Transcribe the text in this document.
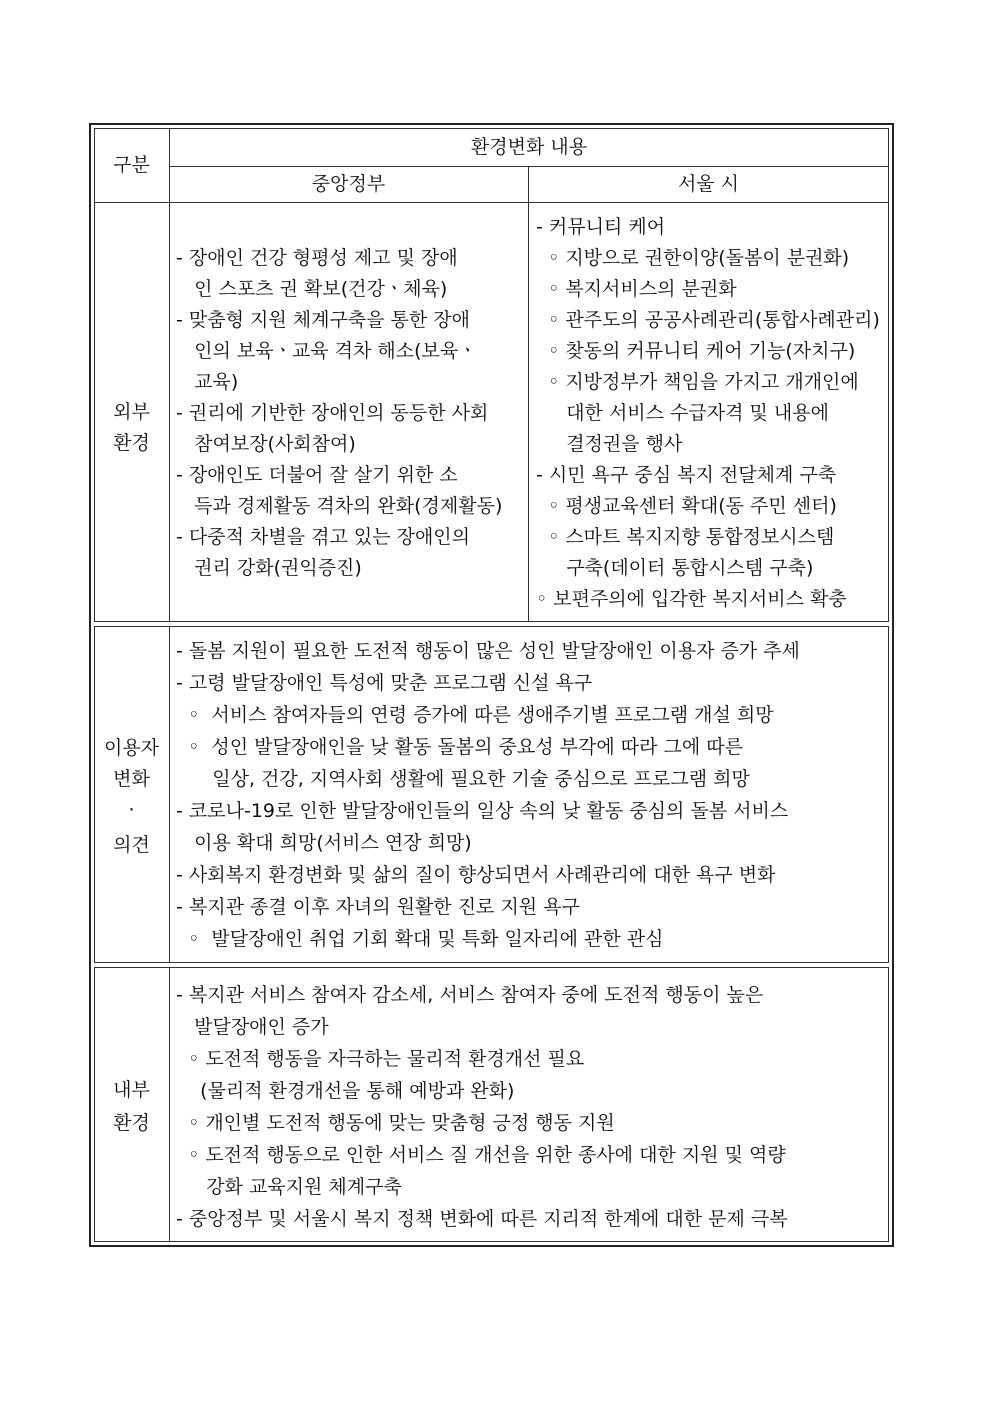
구분
환경변화 내용
중앙정부	서울 시
외부
환경
- 장애인 건강 형평성 제고 및 장애
인 스포츠 권 확보(건강ㆍ체육)
- 맞춤형 지원 체계구축을 통한 장애
인의 보육ㆍ교육 격차 해소(보육ㆍ
교육)
- 권리에 기반한 장애인의 동등한 사회
참여보장(사회참여)
- 장애인도 더불어 잘 살기 위한 소
득과 경제활동 격차의 완화(경제활동)
- 다중적 차별을 겪고 있는 장애인의
권리 강화(권익증진)
- 커뮤니티 케어
◦ 지방으로 권한이양(돌봄이 분권화)
◦ 복지서비스의 분권화
◦ 관주도의 공공사례관리(통합사례관리)
◦ 찾동의 커뮤니티 케어 기능(자치구)
◦ 지방정부가 책임을 가지고 개개인에
대한 서비스 수급자격 및 내용에
결정권을 행사
- 시민 욕구 중심 복지 전달체계 구축
◦ 평생교육센터 확대(동 주민 센터)
◦ 스마트 복지지향 통합정보시스템
구축(데이터 통합시스템 구축)
◦ 보편주의에 입각한 복지서비스 확충
이용자
변화
·
의견
- 돌봄 지원이 필요한 도전적 행동이 많은 성인 발달장애인 이용자 증가 추세
- 고령 발달장애인 특성에 맞춘 프로그램 신설 욕구
◦  서비스 참여자들의 연령 증가에 따른 생애주기별 프로그램 개설 희망
◦  성인 발달장애인을 낮 활동 돌봄의 중요성 부각에 따라 그에 따른
일상, 건강, 지역사회 생활에 필요한 기술 중심으로 프로그램 희망
- 코로나-19로 인한 발달장애인들의 일상 속의 낮 활동 중심의 돌봄 서비스
이용 확대 희망(서비스 연장 희망)
- 사회복지 환경변화 및 삶의 질이 향상되면서 사례관리에 대한 욕구 변화
- 복지관 종결 이후 자녀의 원활한 진로 지원 욕구
◦  발달장애인 취업 기회 확대 및 특화 일자리에 관한 관심
내부
환경
- 복지관 서비스 참여자 감소세, 서비스 참여자 중에 도전적 행동이 높은
발달장애인 증가
◦ 도전적 행동을 자극하는 물리적 환경개선 필요
(물리적 환경개선을 통해 예방과 완화)
◦ 개인별 도전적 행동에 맞는 맞춤형 긍정 행동 지원
◦ 도전적 행동으로 인한 서비스 질 개선을 위한 종사에 대한 지원 및 역량
강화 교육지원 체계구축
- 중앙정부 및 서울시 복지 정책 변화에 따른 지리적 한계에 대한 문제 극복
